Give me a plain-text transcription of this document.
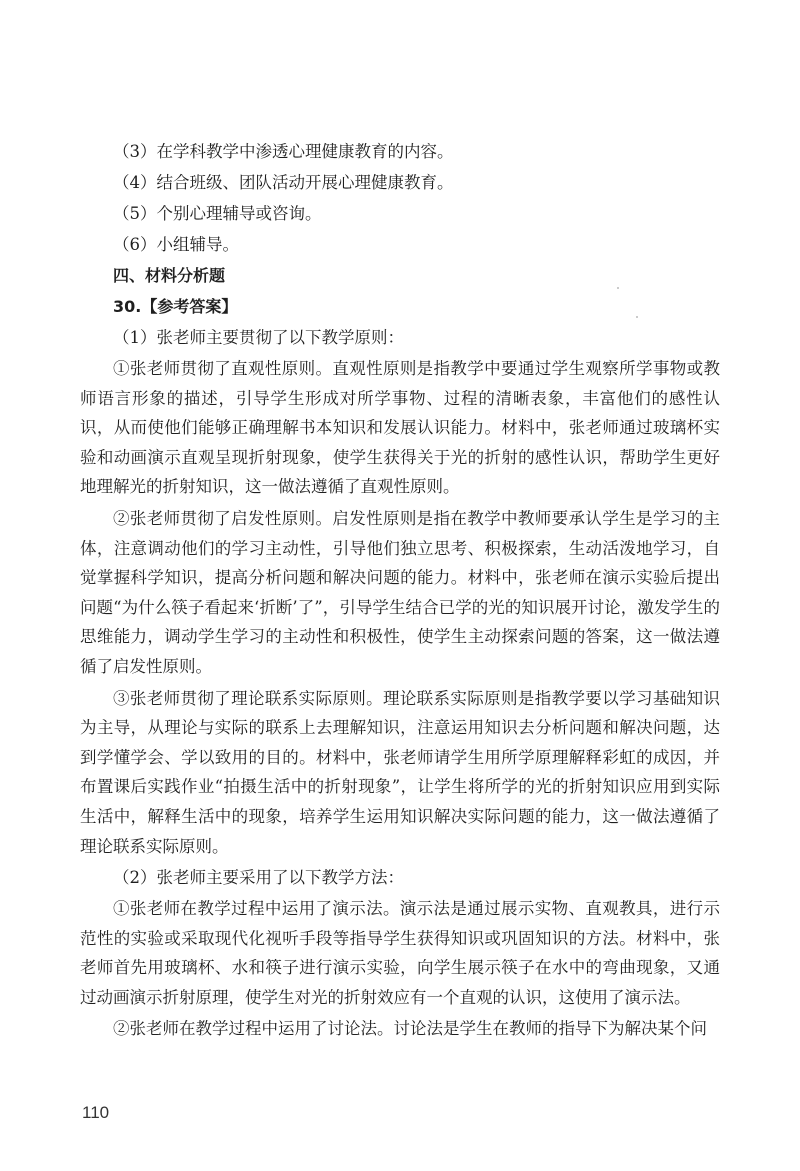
（3）在学科教学中渗透心理健康教育的内容。
（4）结合班级、团队活动开展心理健康教育。
（5）个别心理辅导或咨询。
（6）小组辅导。
四、材料分析题
30.【参考答案】
（1）张老师主要贯彻了以下教学原则：

①张老师贯彻了直观性原则。直观性原则是指教学中要通过学生观察所学事物或教师语言形象的描述，引导学生形成对所学事物、过程的清晰表象，丰富他们的感性认识，从而使他们能够正确理解书本知识和发展认识能力。材料中，张老师通过玻璃杯实验和动画演示直观呈现折射现象，使学生获得关于光的折射的感性认识，帮助学生更好地理解光的折射知识，这一做法遵循了直观性原则。

②张老师贯彻了启发性原则。启发性原则是指在教学中教师要承认学生是学习的主体，注意调动他们的学习主动性，引导他们独立思考、积极探索，生动活泼地学习，自觉掌握科学知识，提高分析问题和解决问题的能力。材料中，张老师在演示实验后提出问题“为什么筷子看起来‘折断’了”，引导学生结合已学的光的知识展开讨论，激发学生的思维能力，调动学生学习的主动性和积极性，使学生主动探索问题的答案，这一做法遵循了启发性原则。

③张老师贯彻了理论联系实际原则。理论联系实际原则是指教学要以学习基础知识为主导，从理论与实际的联系上去理解知识，注意运用知识去分析问题和解决问题，达到学懂学会、学以致用的目的。材料中，张老师请学生用所学原理解释彩虹的成因，并布置课后实践作业“拍摄生活中的折射现象”，让学生将所学的光的折射知识应用到实际生活中，解释生活中的现象，培养学生运用知识解决实际问题的能力，这一做法遵循了理论联系实际原则。

（2）张老师主要采用了以下教学方法：

①张老师在教学过程中运用了演示法。演示法是通过展示实物、直观教具，进行示范性的实验或采取现代化视听手段等指导学生获得知识或巩固知识的方法。材料中，张老师首先用玻璃杯、水和筷子进行演示实验，向学生展示筷子在水中的弯曲现象，又通过动画演示折射原理，使学生对光的折射效应有一个直观的认识，这使用了演示法。

②张老师在教学过程中运用了讨论法。讨论法是学生在教师的指导下为解决某个问

110
